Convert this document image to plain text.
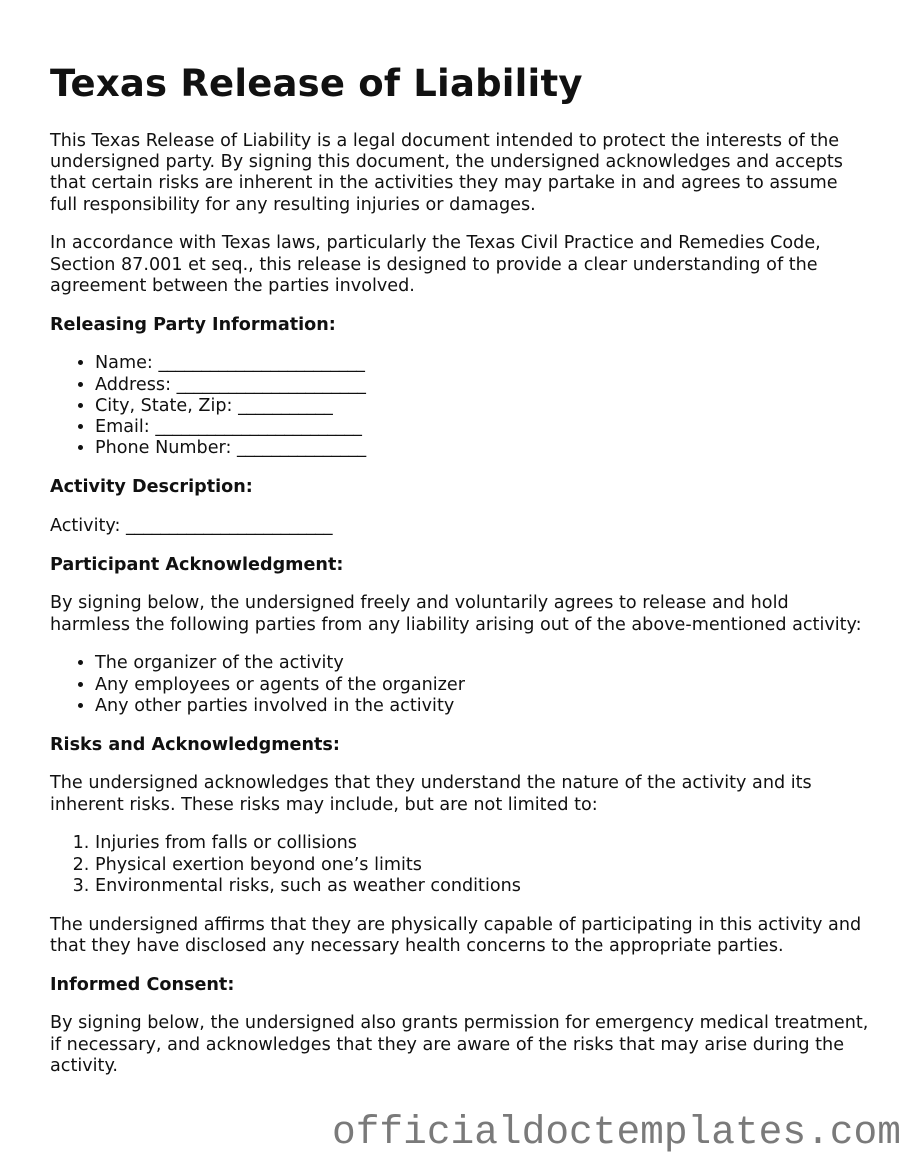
Texas Release of Liability

This Texas Release of Liability is a legal document intended to protect the interests of the undersigned party. By signing this document, the undersigned acknowledges and accepts that certain risks are inherent in the activities they may partake in and agrees to assume full responsibility for any resulting injuries or damages.

In accordance with Texas laws, particularly the Texas Civil Practice and Remedies Code, Section 87.001 et seq., this release is designed to provide a clear understanding of the agreement between the parties involved.

Releasing Party Information:
• Name: ________________________
• Address: ______________________
• City, State, Zip: ___________
• Email: ________________________
• Phone Number: _______________
Activity Description:

Activity: ________________________

Participant Acknowledgment:

By signing below, the undersigned freely and voluntarily agrees to release and hold harmless the following parties from any liability arising out of the above-mentioned activity:

• The organizer of the activity
• Any employees or agents of the organizer
• Any other parties involved in the activity
Risks and Acknowledgments:

The undersigned acknowledges that they understand the nature of the activity and its inherent risks. These risks may include, but are not limited to:

1. Injuries from falls or collisions
2. Physical exertion beyond one’s limits
3. Environmental risks, such as weather conditions

The undersigned affirms that they are physically capable of participating in this activity and that they have disclosed any necessary health concerns to the appropriate parties.

Informed Consent:

By signing below, the undersigned also grants permission for emergency medical treatment, if necessary, and acknowledges that they are aware of the risks that may arise during the activity.

officialdoctemplates.com
